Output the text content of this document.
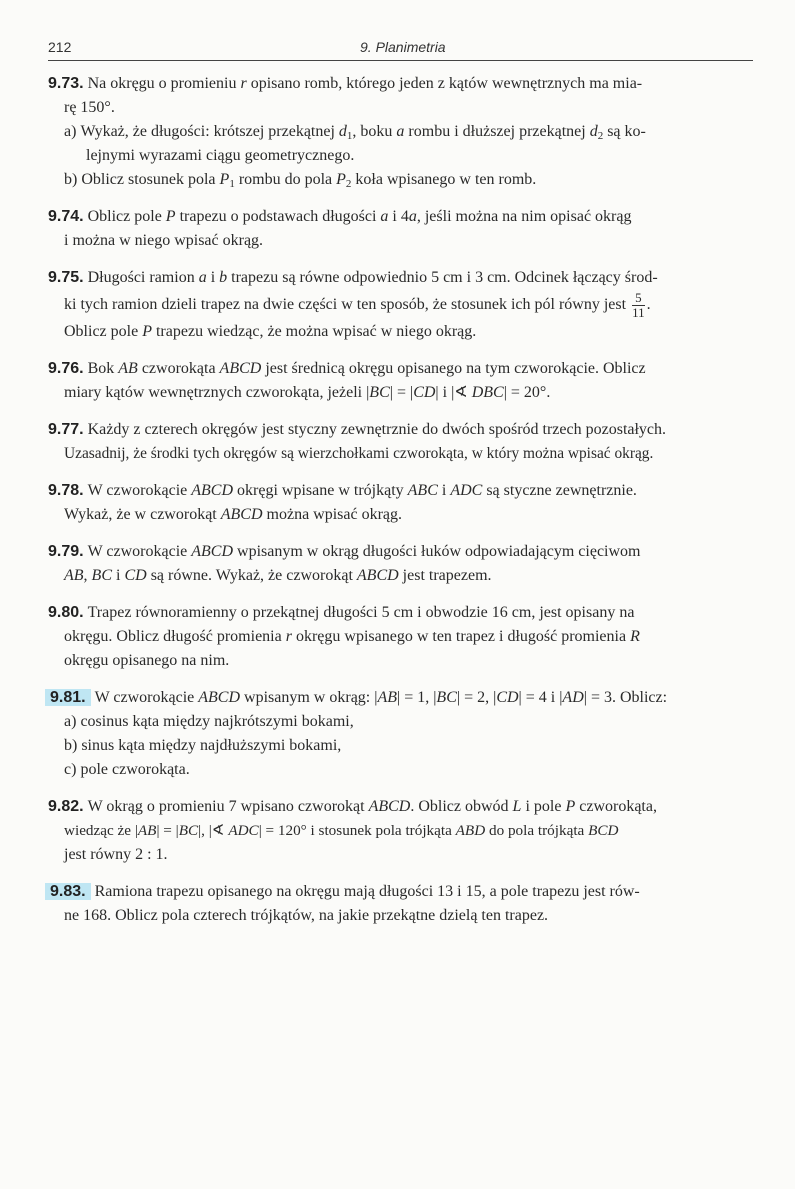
212	9. Planimetria

9.73. Na okręgu o promieniu r opisano romb, którego jeden z kątów wewnętrznych ma mia-

rę 150°.

a) Wykaż, że długości: krótszej przekątnej $d_1$, boku a rombu i dłuższej przekątnej $d_2$ są ko-
lejnymi wyrazami ciągu geometrycznego.
b) Oblicz stosunek pola $P_1$ rombu do pola $P_2$ koła wpisanego w ten romb.

9.74. Oblicz pole P trapezu o podstawach długości a i 4a, jeśli można na nim opisać okrąg

i można w niego wpisać okrąg.

9.75. Długości ramion a i b trapezu są równe odpowiednio 5 cm i 3 cm. Odcinek łączący środ-

ki tych ramion dzieli trapez na dwie części w ten sposób, że stosunek ich pól równy jest $\frac{5}{11}$ .

Oblicz pole P trapezu wiedząc, że można wpisać w niego okrąg.

9.76. Bok AB czworokąta ABCD jest średnicą okręgu opisanego na tym czworokącie. Oblicz

miary kątów wewnętrznych czworokąta, jeżeli |BC| = |CD| i |∢ DBC| = 20°.

9.77. Każdy z czterech okręgów jest styczny zewnętrznie do dwóch spośród trzech pozostałych.

Uzasadnij, że środki tych okręgów są wierzchołkami czworokąta, w który można wpisać okrąg.

9.78. W czworokącie ABCD okręgi wpisane w trójkąty ABC i ADC są styczne zewnętrznie.

Wykaż, że w czworokąt ABCD można wpisać okrąg.

9.79. W czworokącie ABCD wpisanym w okrąg długości łuków odpowiadającym cięciwom

AB, BC i CD są równe. Wykaż, że czworokąt ABCD jest trapezem.

9.80. Trapez równoramienny o przekątnej długości 5 cm i obwodzie 16 cm, jest opisany na

okręgu. Oblicz długość promienia r okręgu wpisanego w ten trapez i długość promienia R

okręgu opisanego na nim.

9.81. W czworokącie ABCD wpisanym w okrąg: |AB| = 1, |BC| = 2, |CD| = 4 i |AD| = 3. Oblicz:

a) cosinus kąta między najkrótszymi bokami,
b) sinus kąta między najdłuższymi bokami,
c) pole czworokąta.

9.82. W okrąg o promieniu 7 wpisano czworokąt ABCD. Oblicz obwód L i pole P czworokąta,

wiedząc że |AB| = |BC|, |∢ ADC| = 120° i stosunek pola trójkąta ABD do pola trójkąta BCD

jest równy 2 : 1.

9.83. Ramiona trapezu opisanego na okręgu mają długości 13 i 15, a pole trapezu jest rów-

ne 168. Oblicz pola czterech trójkątów, na jakie przekątne dzielą ten trapez.
